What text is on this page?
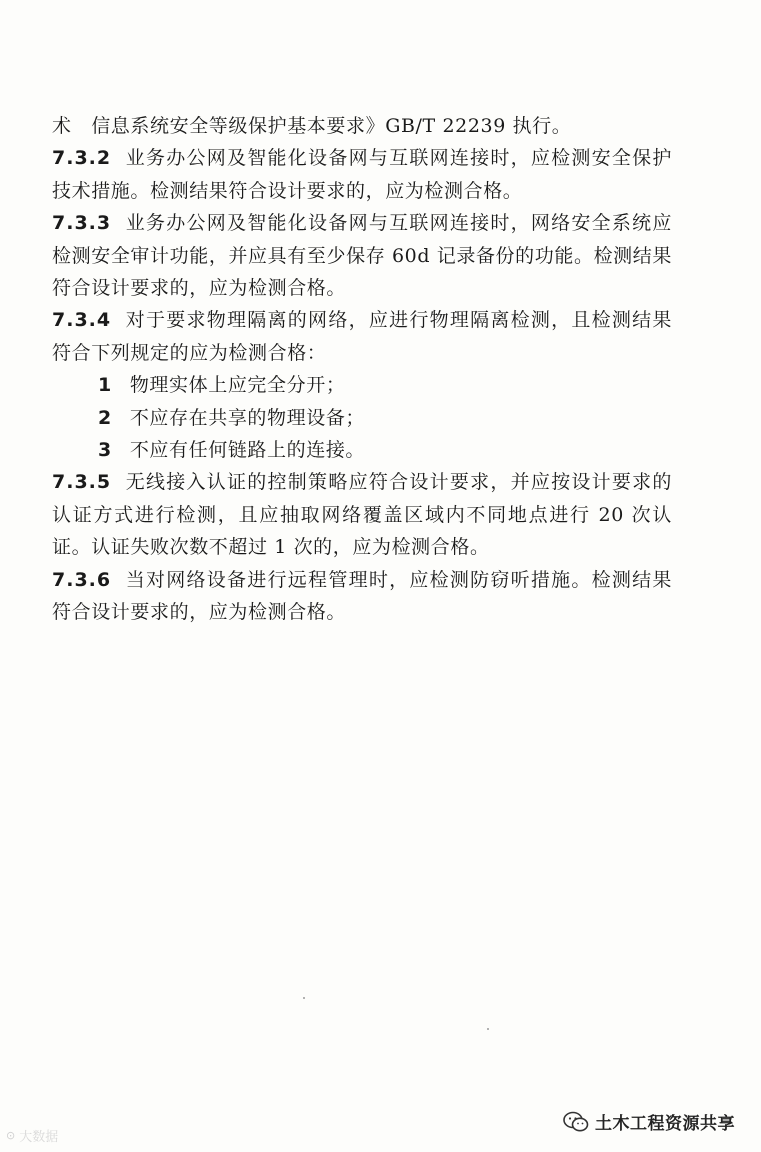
术　信息系统安全等级保护基本要求》GB/T 22239 执行。

7.3.2 业务办公网及智能化设备网与互联网连接时，应检测安全保护技术措施。检测结果符合设计要求的，应为检测合格。

7.3.3 业务办公网及智能化设备网与互联网连接时，网络安全系统应检测安全审计功能，并应具有至少保存 60d 记录备份的功能。检测结果符合设计要求的，应为检测合格。

7.3.4 对于要求物理隔离的网络，应进行物理隔离检测，且检测结果符合下列规定的应为检测合格：

1 物理实体上应完全分开；

2 不应存在共享的物理设备；

3 不应有任何链路上的连接。

7.3.5 无线接入认证的控制策略应符合设计要求，并应按设计要求的认证方式进行检测，且应抽取网络覆盖区域内不同地点进行 20 次认证。认证失败次数不超过 1 次的，应为检测合格。

7.3.6 当对网络设备进行远程管理时，应检测防窃听措施。检测结果符合设计要求的，应为检测合格。

土木工程资源共享
⊙ 大数据
